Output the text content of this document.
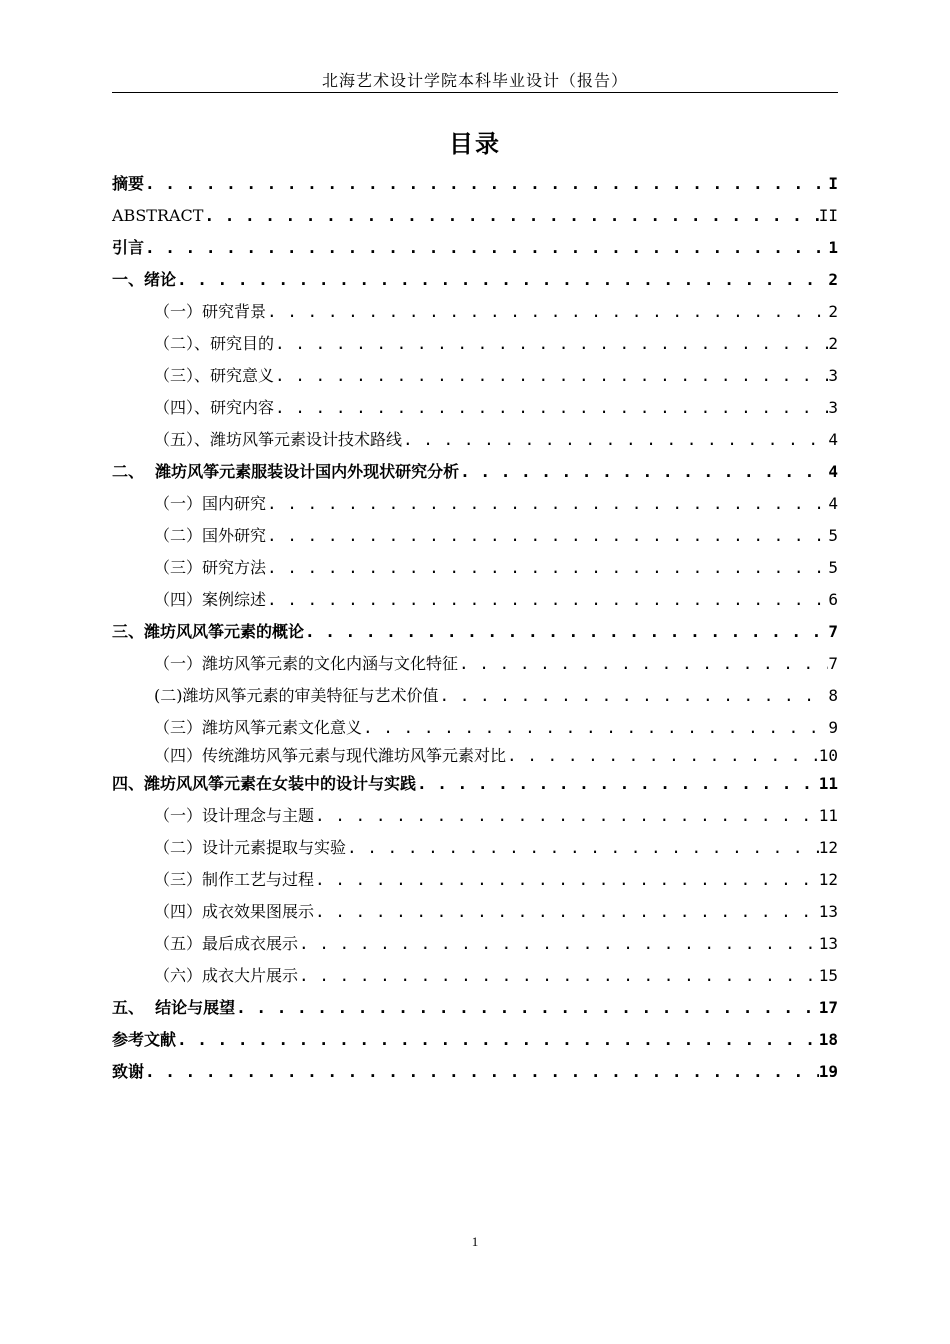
北海艺术设计学院本科毕业设计（报告）
目录
摘要 . . .	I
ABSTRACT . . .	II
引言 . . .	1
一、绪论 . . .	2
（一）研究背景 . . .	2
（二）、研究目的 . . .	2
（三）、研究意义 . . .	3
（四）、研究内容 . . .	3
（五）、潍坊风筝元素设计技术路线 . . .	4
二、  潍坊风筝元素服装设计国内外现状研究分析 . . .	4
（一）国内研究 . . .	4
（二）国外研究 . . .	5
（三）研究方法 . . .	5
（四）案例综述 . . .	6
三、潍坊风风筝元素的概论 . . .	7
（一）潍坊风筝元素的文化内涵与文化特征 . . .	7
(二)潍坊风筝元素的审美特征与艺术价值 . . .	8
（三）潍坊风筝元素文化意义 . . .	9
（四）传统潍坊风筝元素与现代潍坊风筝元素对比 . . .	10
四、潍坊风风筝元素在女装中的设计与实践 . . .	11
（一）设计理念与主题 . . .	11
（二）设计元素提取与实验 . . .	12
（三）制作工艺与过程 . . .	12
（四）成衣效果图展示 . . .	13
（五）最后成衣展示 . . .	13
（六）成衣大片展示 . . .	15
五、  结论与展望 . . .	17
参考文献 . . .	18
致谢 . . .	19
1
